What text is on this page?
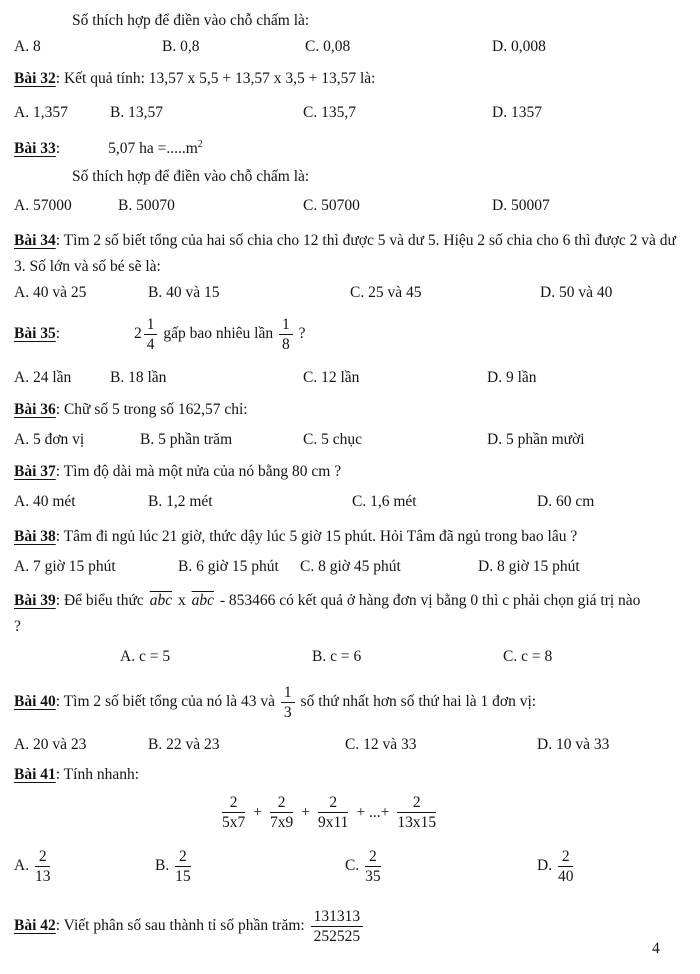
Số thích hợp để điền vào chỗ chấm là:
A. 8	B. 0,8	C. 0,08	D. 0,008
Bài 32: Kết quả tính: 13,57 x 5,5 + 13,57 x 3,5 + 13,57 là:
A. 1,357	B. 13,57	C. 135,7	D. 1357
Bài 33:	5,07 ha $=.....m^2$
Số thích hợp để điền vào chỗ chấm là:
A. 57000	B. 50070	C. 50700	D. 50007
Bài 34: Tìm 2 số biết tổng của hai số chia cho 12 thì được 5 và dư 5. Hiệu 2 số chia cho 6 thì được 2 và dư 3. Số lớn và số bé sẽ là:
A. 40 và 25	B. 40 và 15	C. 25 và 45	D. 50 và 40
Bài 35:	$2 \frac{1}{4}$ gấp bao nhiêu lần $\frac{1}{8}$ ?
A. 24 lần B. 18 lần	C. 12 lần	D. 9 lần
Bài 36: Chữ số 5 trong số 162,57 chỉ:
A. 5 đơn vị	B. 5 phần trăm	C. 5 chục	D. 5 phần mười
Bài 37: Tìm độ dài mà một nửa của nó bằng 80 cm ?
A. 40 mét	B. 1,2 mét	C. 1,6 mét	D. 60 cm
Bài 38: Tâm đi ngủ lúc 21 giờ, thức dậy lúc 5 giờ 15 phút. Hỏi Tâm đã ngủ trong bao lâu ?
A. 7 giờ 15 phút	B. 6 giờ 15 phút C. 8 giờ 45 phút	D. 8 giờ 15 phút
Bài 39: Để biểu thức $\overline{abc}$ x $\overline{abc} - 853466$ có kết quả ở hàng đơn vị bằng 0 thì c phải chọn giá trị nào
?
A. c = 5	B. c = 6	C. c = 8
Bài 40: Tìm 2 số biết tổng của nó là 43 và $\frac{1}{3}$ số thứ nhất hơn số thứ hai là 1 đơn vị:
A. 20 và 23	B. 22 và 23	C. 12 và 33	D. 10 và 33
Bài 41: Tính nhanh:
$\frac{2}{5x7} + \frac{2}{7x9} + \frac{2}{9x11}$ + ...+ $\frac{2}{13x15}$
A. $\frac{2}{13}$	B. $\frac{2}{15}$	C. $\frac{2}{35}$	D. $\frac{2}{40}$
Bài 42: Viết phân số sau thành tỉ số phần trăm: $\frac{131313}{252525}$
4
